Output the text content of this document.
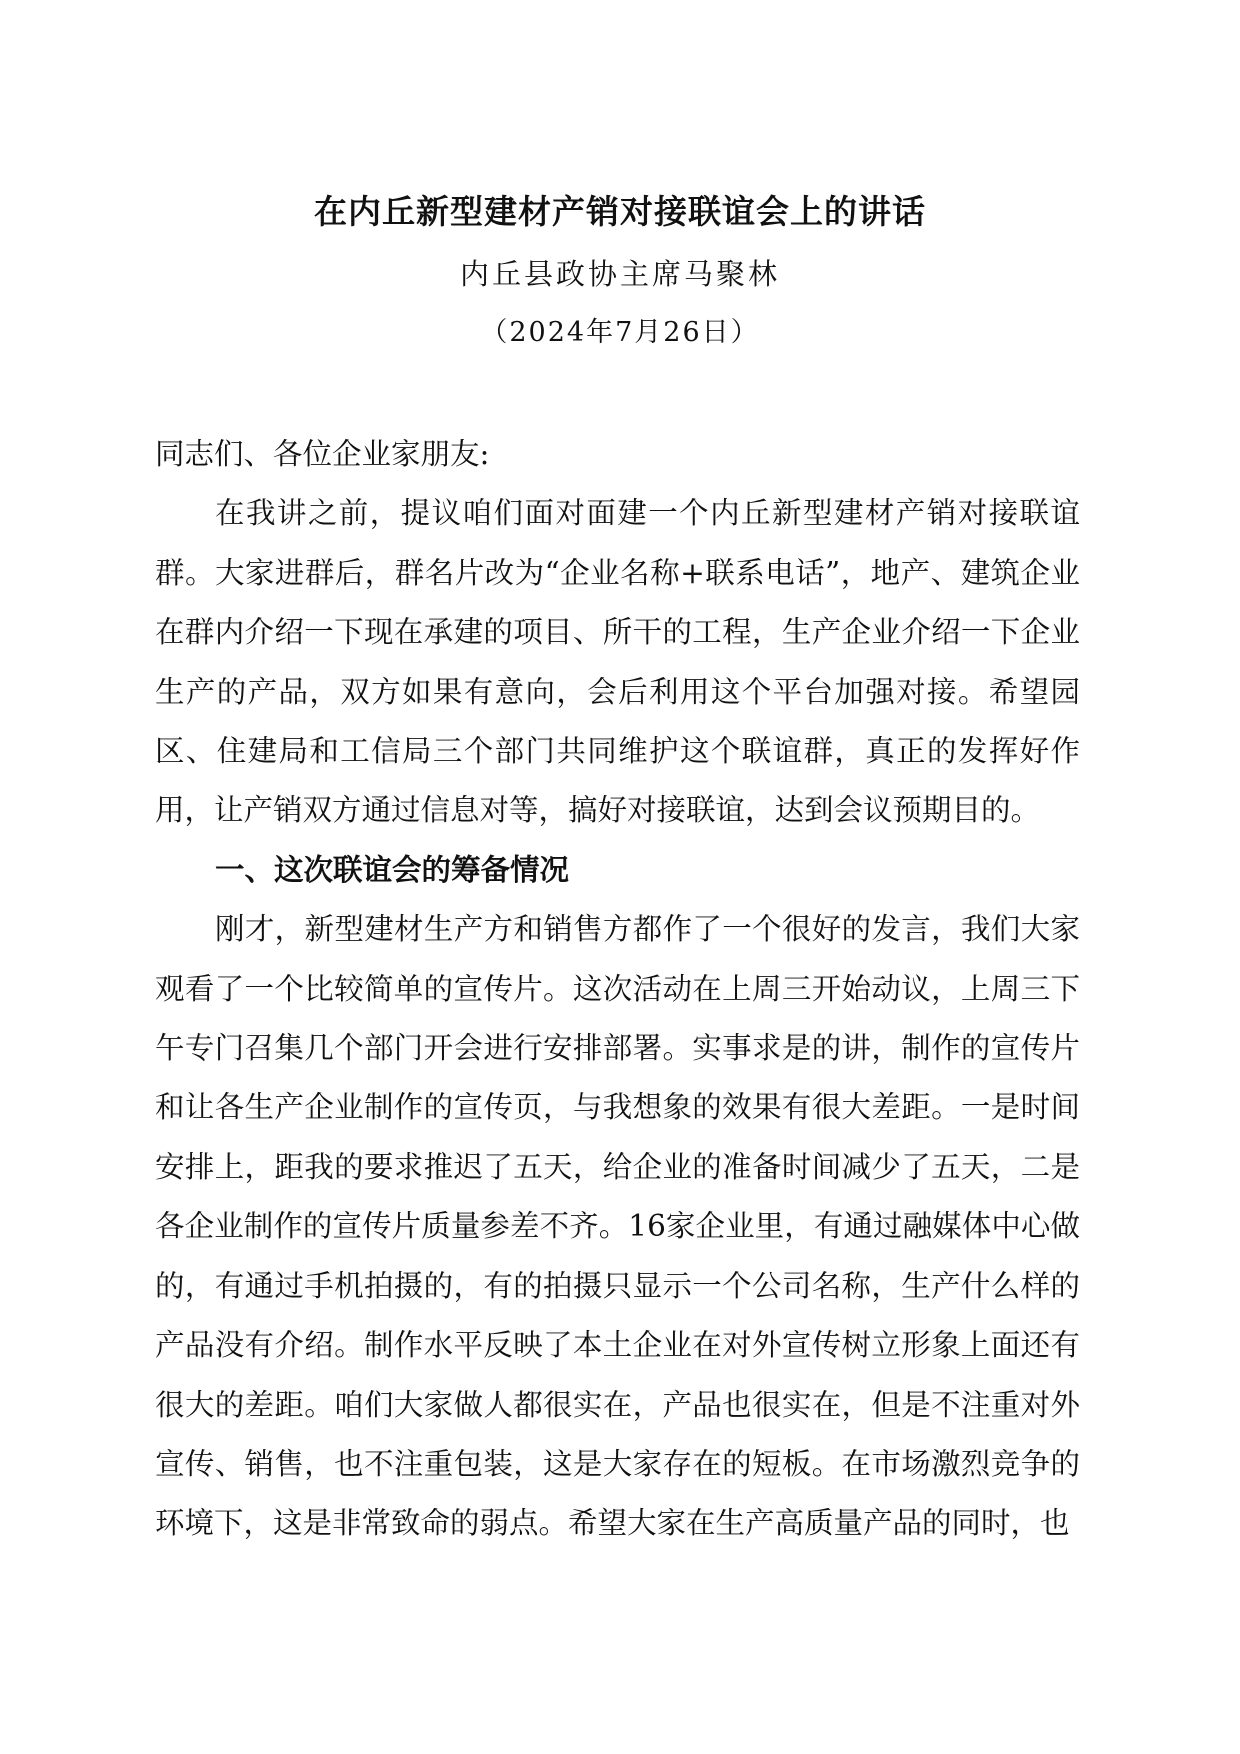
在内丘新型建材产销对接联谊会上的讲话
内丘县政协主席马聚林
（2024年7月26日）

同志们、各位企业家朋友:

在我讲之前，提议咱们面对面建一个内丘新型建材产销对接联谊群。大家进群后，群名片改为“企业名称+联系电话”，地产、建筑企业在群内介绍一下现在承建的项目、所干的工程，生产企业介绍一下企业生产的产品，双方如果有意向，会后利用这个平台加强对接。希望园区、住建局和工信局三个部门共同维护这个联谊群，真正的发挥好作用，让产销双方通过信息对等，搞好对接联谊，达到会议预期目的。

一、这次联谊会的筹备情况

刚才，新型建材生产方和销售方都作了一个很好的发言，我们大家观看了一个比较简单的宣传片。这次活动在上周三开始动议，上周三下午专门召集几个部门开会进行安排部署。实事求是的讲，制作的宣传片和让各生产企业制作的宣传页，与我想象的效果有很大差距。一是时间安排上，距我的要求推迟了五天，给企业的准备时间减少了五天，二是各企业制作的宣传片质量参差不齐。16家企业里，有通过融媒体中心做的，有通过手机拍摄的，有的拍摄只显示一个公司名称，生产什么样的产品没有介绍。制作水平反映了本土企业在对外宣传树立形象上面还有很大的差距。咱们大家做人都很实在，产品也很实在，但是不注重对外宣传、销售，也不注重包装，这是大家存在的短板。在市场激烈竞争的环境下，这是非常致命的弱点。希望大家在生产高质量产品的同时，也
